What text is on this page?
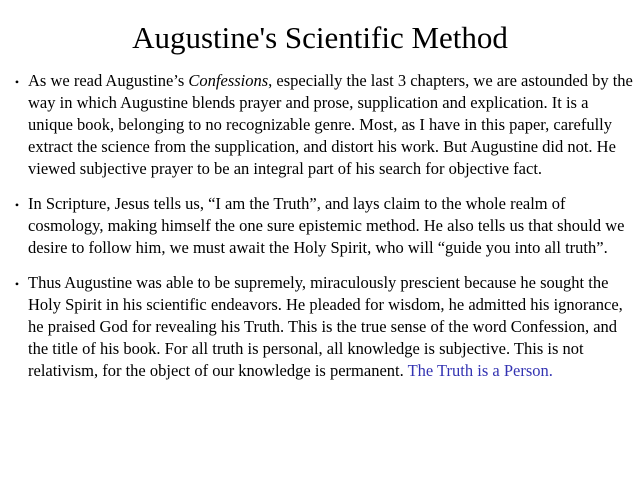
Augustine's Scientific Method
• As we read Augustine’s Confessions, especially the last 3 chapters, we are astounded by the way in which Augustine blends prayer and prose, supplication and explication. It is a unique book, belonging to no recognizable genre. Most, as I have in this paper, carefully extract the science from the supplication, and distort his work. But Augustine did not. He viewed subjective prayer to be an integral part of his search for objective fact.

• In Scripture, Jesus tells us, “I am the Truth”, and lays claim to the whole realm of cosmology, making himself the one sure epistemic method. He also tells us that should we desire to follow him, we must await the Holy Spirit, who will “guide you into all truth”.

• Thus Augustine was able to be supremely, miraculously prescient because he sought the Holy Spirit in his scientific endeavors. He pleaded for wisdom, he admitted his ignorance, he praised God for revealing his Truth. This is the true sense of the word Confession, and the title of his book. For all truth is personal, all knowledge is subjective. This is not relativism, for the object of our knowledge is permanent. The Truth is a Person.
